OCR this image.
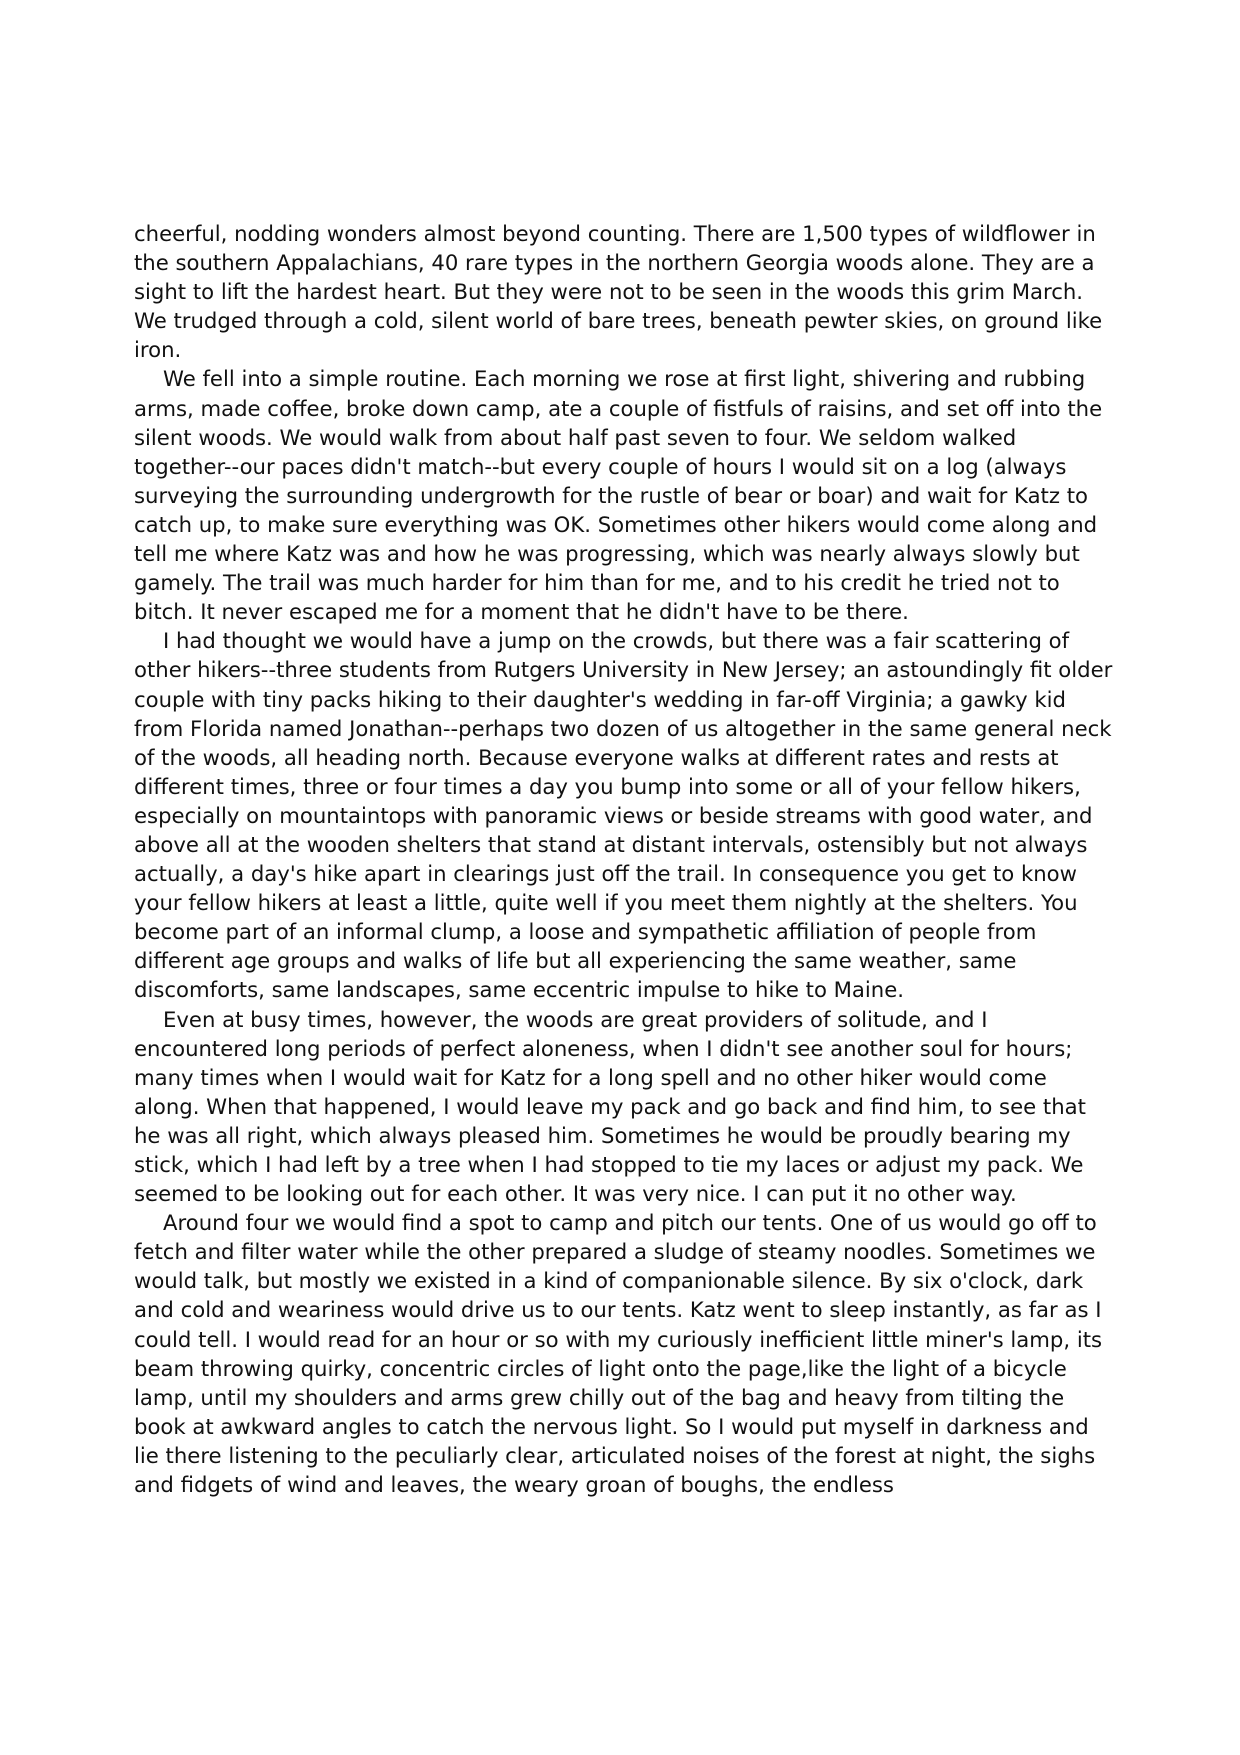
cheerful, nodding wonders almost beyond counting. There are 1,500 types of wildflower in the southern Appalachians, 40 rare types in the northern Georgia woods alone. They are a sight to lift the hardest heart. But they were not to be seen in the woods this grim March. We trudged through a cold, silent world of bare trees, beneath pewter skies, on ground like iron.

We fell into a simple routine. Each morning we rose at first light, shivering and rubbing arms, made coffee, broke down camp, ate a couple of fistfuls of raisins, and set off into the silent woods. We would walk from about half past seven to four. We seldom walked together--our paces didn't match--but every couple of hours I would sit on a log (always surveying the surrounding undergrowth for the rustle of bear or boar) and wait for Katz to catch up, to make sure everything was OK. Sometimes other hikers would come along and tell me where Katz was and how he was progressing, which was nearly always slowly but gamely. The trail was much harder for him than for me, and to his credit he tried not to bitch. It never escaped me for a moment that he didn't have to be there.

I had thought we would have a jump on the crowds, but there was a fair scattering of other hikers--three students from Rutgers University in New Jersey; an astoundingly fit older couple with tiny packs hiking to their daughter's wedding in far-off Virginia; a gawky kid from Florida named Jonathan--perhaps two dozen of us altogether in the same general neck of the woods, all heading north. Because everyone walks at different rates and rests at different times, three or four times a day you bump into some or all of your fellow hikers, especially on mountaintops with panoramic views or beside streams with good water, and above all at the wooden shelters that stand at distant intervals, ostensibly but not always actually, a day's hike apart in clearings just off the trail. In consequence you get to know your fellow hikers at least a little, quite well if you meet them nightly at the shelters. You become part of an informal clump, a loose and sympathetic affiliation of people from different age groups and walks of life but all experiencing the same weather, same discomforts, same landscapes, same eccentric impulse to hike to Maine.

Even at busy times, however, the woods are great providers of solitude, and I encountered long periods of perfect aloneness, when I didn't see another soul for hours; many times when I would wait for Katz for a long spell and no other hiker would come along. When that happened, I would leave my pack and go back and find him, to see that he was all right, which always pleased him. Sometimes he would be proudly bearing my stick, which I had left by a tree when I had stopped to tie my laces or adjust my pack. We seemed to be looking out for each other. It was very nice. I can put it no other way.

Around four we would find a spot to camp and pitch our tents. One of us would go off to fetch and filter water while the other prepared a sludge of steamy noodles. Sometimes we would talk, but mostly we existed in a kind of companionable silence. By six o'clock, dark and cold and weariness would drive us to our tents. Katz went to sleep instantly, as far as I could tell. I would read for an hour or so with my curiously inefficient little miner's lamp, its beam throwing quirky, concentric circles of light onto the page,like the light of a bicycle lamp, until my shoulders and arms grew chilly out of the bag and heavy from tilting the book at awkward angles to catch the nervous light. So I would put myself in darkness and lie there listening to the peculiarly clear, articulated noises of the forest at night, the sighs and fidgets of wind and leaves, the weary groan of boughs, the endless
